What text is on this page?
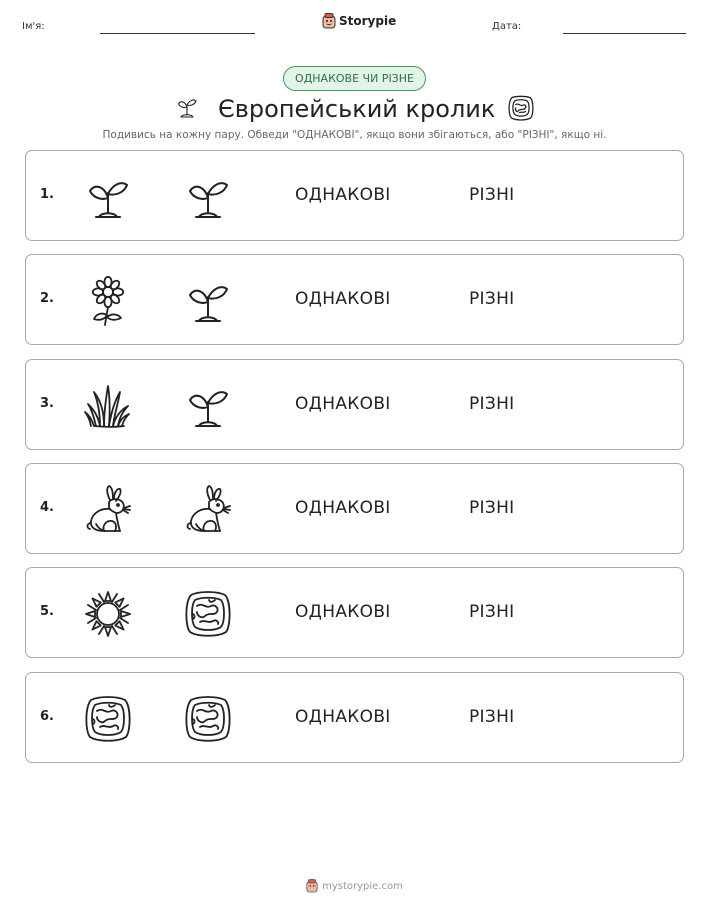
Ім'я:	Storypie	Дата:
ОДНАКОВЕ ЧИ РІЗНЕ
Європейський кролик
Подивись на кожну пару. Обведи "ОДНАКОВІ", якщо вони збігаються, або "РІЗНІ", якщо ні.
1.	ОДНАКОВІ	РІЗНІ
2.	ОДНАКОВІ	РІЗНІ
3.	ОДНАКОВІ	РІЗНІ
4.	ОДНАКОВІ	РІЗНІ
5.	ОДНАКОВІ	РІЗНІ
6.	ОДНАКОВІ	РІЗНІ
mystorypie.com
